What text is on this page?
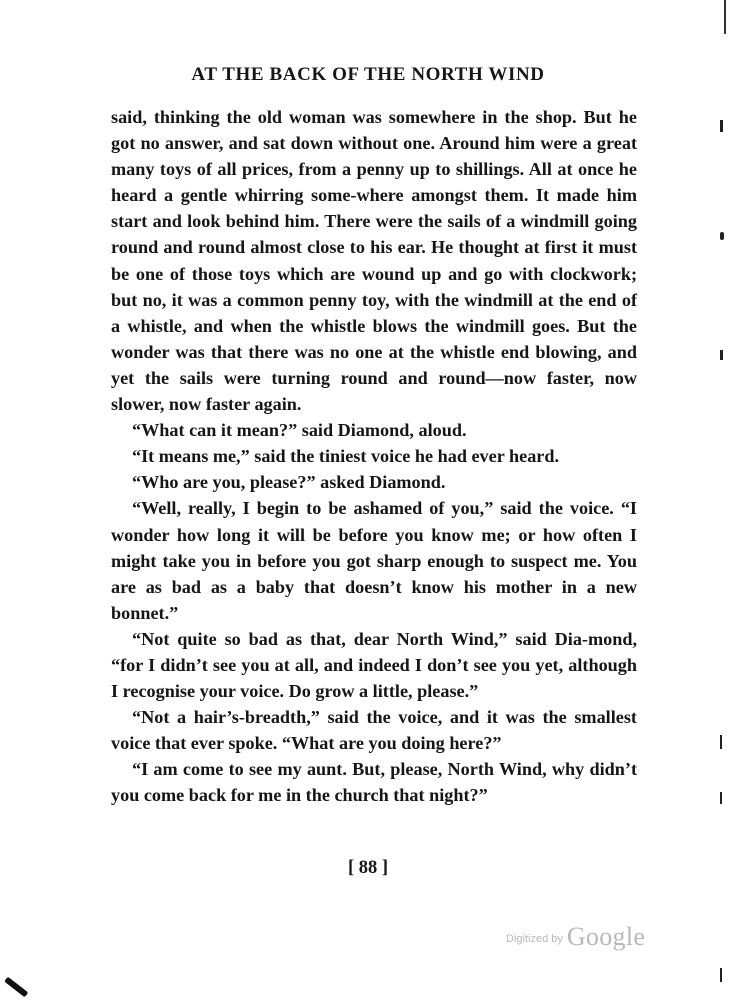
AT THE BACK OF THE NORTH WIND

said, thinking the old woman was somewhere in the shop. But he got no answer, and sat down without one. Around him were a great many toys of all prices, from a penny up to shillings. All at once he heard a gentle whirring some-where amongst them. It made him start and look behind him. There were the sails of a windmill going round and round almost close to his ear. He thought at first it must be one of those toys which are wound up and go with clockwork; but no, it was a common penny toy, with the windmill at the end of a whistle, and when the whistle blows the windmill goes. But the wonder was that there was no one at the whistle end blowing, and yet the sails were turning round and round—now faster, now slower, now faster again.

“What can it mean?” said Diamond, aloud.

“It means me,” said the tiniest voice he had ever heard.

“Who are you, please?” asked Diamond.

“Well, really, I begin to be ashamed of you,” said the voice. “I wonder how long it will be before you know me; or how often I might take you in before you got sharp enough to suspect me. You are as bad as a baby that doesn’t know his mother in a new bonnet.”

“Not quite so bad as that, dear North Wind,” said Dia-mond, “for I didn’t see you at all, and indeed I don’t see you yet, although I recognise your voice. Do grow a little, please.”

“Not a hair’s-breadth,” said the voice, and it was the smallest voice that ever spoke. “What are you doing here?”

“I am come to see my aunt. But, please, North Wind, why didn’t you come back for me in the church that night?”

[ 88 ]
Digitized by Google
